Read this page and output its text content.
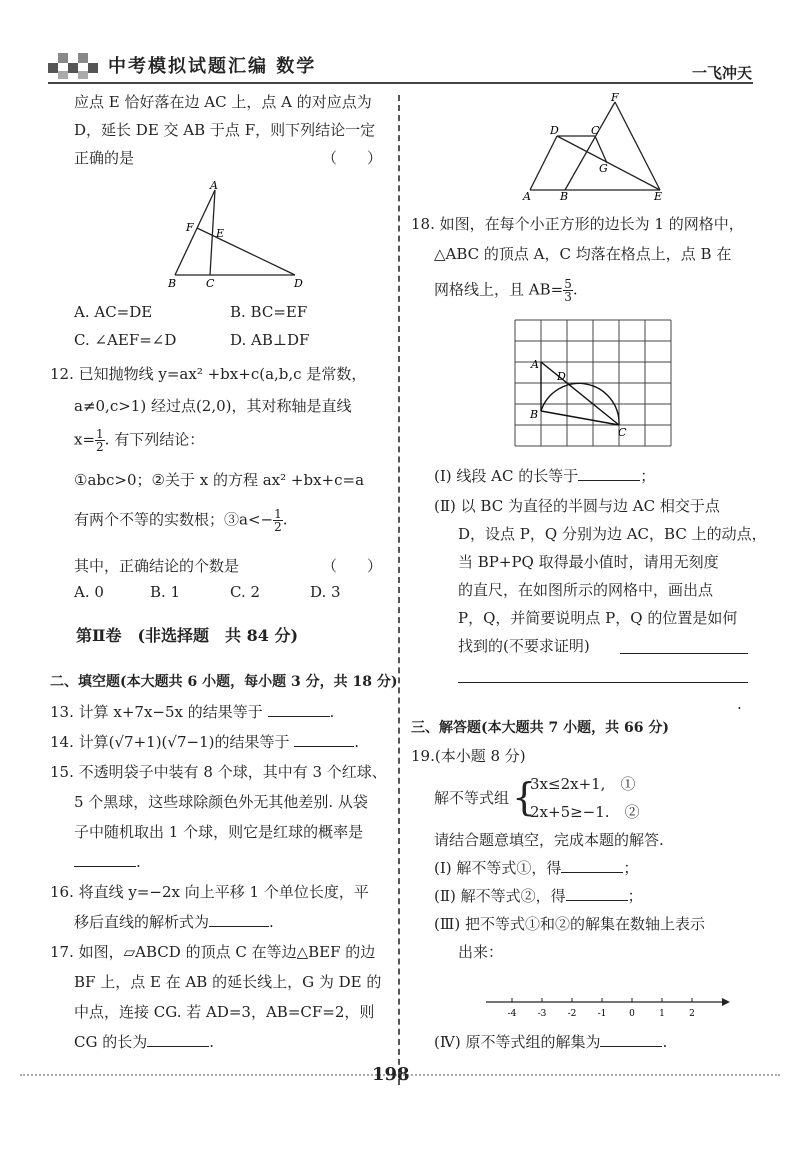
中考模拟试题汇编 数学	一飞冲天
应点 E 恰好落在边 AC 上，点 A 的对应点为
D，延长 DE 交 AB 于点 F，则下列结论一定
正确的是	（　　）
A
F E
B	C	D
A. AC=DE	B. BC=EF
C. ∠AEF=∠D	D. AB⊥DF
12. 已知抛物线 y=ax² +bx+c(a,b,c 是常数，
a≠0,c>1) 经过点(2,0)，其对称轴是直线
$x= \frac{1}{2}$ . 有下列结论：
①abc>0；②关于 x 的方程 ax² +bx+c=a
有两个不等的实数根；③a<− $\frac{1}{2}$ .
其中，正确结论的个数是	（　　）
A. 0	B. 1	C. 2	D. 3
第Ⅱ卷　(非选择题　共 84 分)
二、填空题(本大题共 6 小题，每小题 3 分，共 18 分)
13. 计算 x+7x−5x 的结果等于	.
14. 计算(√7+1)(√7−1)的结果等于	.
15. 不透明袋子中装有 8 个球，其中有 3 个红球、
5 个黑球，这些球除颜色外无其他差别. 从袋
子中随机取出 1 个球，则它是红球的概率是
.
16. 将直线 y=−2x 向上平移 1 个单位长度，平
移后直线的解析式为	.
17. 如图，▱ABCD 的顶点 C 在等边△BEF 的边
BF 上，点 E 在 AB 的延长线上，G 为 DE 的
中点，连接 CG. 若 AD=3，AB=CF=2，则
CG 的长为	.
F
D	C
G
A	B	E
18. 如图，在每个小正方形的边长为 1 的网格中，
△ABC 的顶点 A，C 均落在格点上，点 B 在
网格线上，且 $AB= \frac{5}{3}$ .
A
D
B
C
(Ⅰ) 线段 AC 的长等于	；
(Ⅱ) 以 BC 为直径的半圆与边 AC 相交于点
D，设点 P，Q 分别为边 AC，BC 上的动点，
当 BP+PQ 取得最小值时，请用无刻度
的直尺，在如图所示的网格中，画出点
P，Q，并简要说明点 P，Q 的位置是如何
找到的(不要求证明)
.
三、解答题(本大题共 7 小题，共 66 分)
19.(本小题 8 分)
解不等式组 {
3x≤2x+1,　①
2x+5≥−1.　②
请结合题意填空，完成本题的解答.
(Ⅰ) 解不等式①，得	；
(Ⅱ) 解不等式②，得	；
(Ⅲ) 把不等式①和②的解集在数轴上表示
出来：
-4 -3 -2 -1	0	1	2
(Ⅳ) 原不等式组的解集为	.
198
